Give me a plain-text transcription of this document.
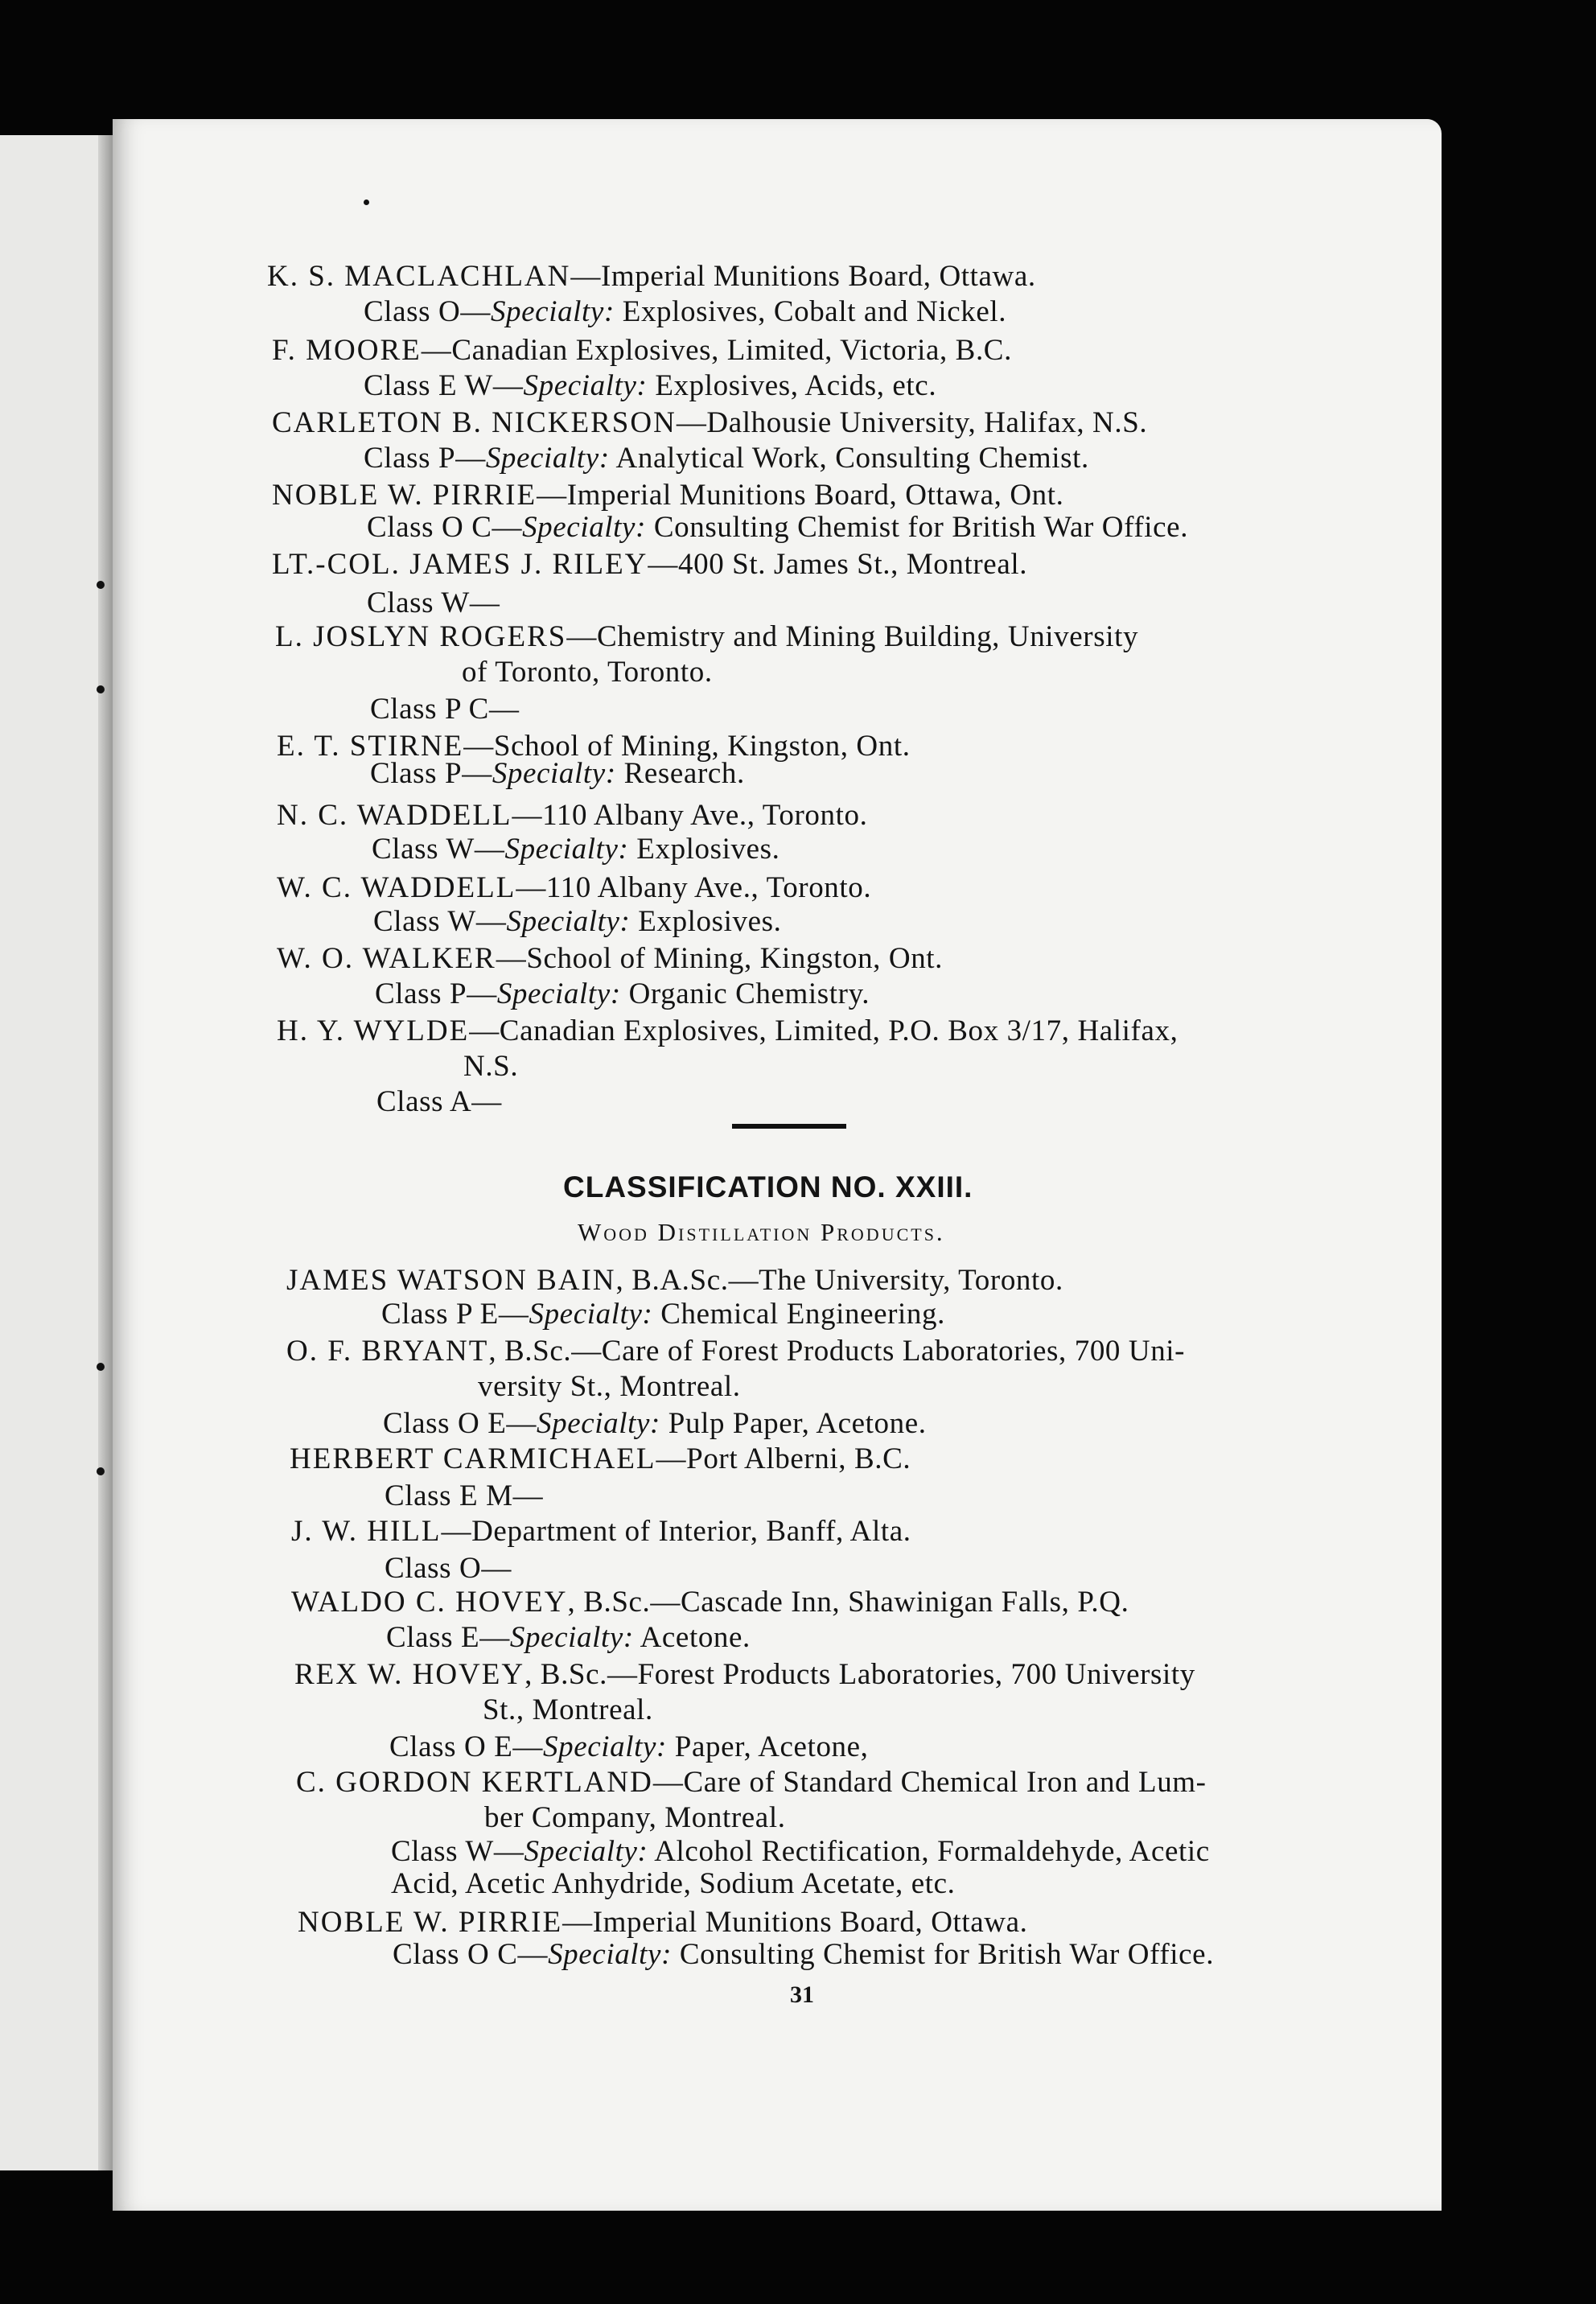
K. S. MACLACHLAN—Imperial Munitions Board, Ottawa.
Class O—Specialty: Explosives, Cobalt and Nickel.
F. MOORE—Canadian Explosives, Limited, Victoria, B.C.
Class E W—Specialty: Explosives, Acids, etc.
CARLETON B. NICKERSON—Dalhousie University, Halifax, N.S.
Class P—Specialty: Analytical Work, Consulting Chemist.
NOBLE W. PIRRIE—Imperial Munitions Board, Ottawa, Ont.
Class O C—Specialty: Consulting Chemist for British War Office.
LT.-COL. JAMES J. RILEY—400 St. James St., Montreal.
Class W—
L. JOSLYN ROGERS—Chemistry and Mining Building, University
of Toronto, Toronto.
Class P C—
E. T. STIRNE—School of Mining, Kingston, Ont.
Class P—Specialty: Research.
N. C. WADDELL—110 Albany Ave., Toronto.
Class W—Specialty: Explosives.
W. C. WADDELL—110 Albany Ave., Toronto.
Class W—Specialty: Explosives.
W. O. WALKER—School of Mining, Kingston, Ont.
Class P—Specialty: Organic Chemistry.
H. Y. WYLDE—Canadian Explosives, Limited, P.O. Box 3/17, Halifax,
N.S.
Class A—
CLASSIFICATION NO. XXIII.
Wood Distillation Products.
JAMES WATSON BAIN, B.A.Sc.—The University, Toronto.
Class P E—Specialty: Chemical Engineering.
O. F. BRYANT, B.Sc.—Care of Forest Products Laboratories, 700 Uni-
versity St., Montreal.
Class O E—Specialty: Pulp Paper, Acetone.
HERBERT CARMICHAEL—Port Alberni, B.C.
Class E M—
J. W. HILL—Department of Interior, Banff, Alta.
Class O—
WALDO C. HOVEY, B.Sc.—Cascade Inn, Shawinigan Falls, P.Q.
Class E—Specialty: Acetone.
REX W. HOVEY, B.Sc.—Forest Products Laboratories, 700 University
St., Montreal.
Class O E—Specialty: Paper, Acetone,
C. GORDON KERTLAND—Care of Standard Chemical Iron and Lum-
ber Company, Montreal.
Class W—Specialty: Alcohol Rectification, Formaldehyde, Acetic
Acid, Acetic Anhydride, Sodium Acetate, etc.
NOBLE W. PIRRIE—Imperial Munitions Board, Ottawa.
Class O C—Specialty: Consulting Chemist for British War Office.
31
